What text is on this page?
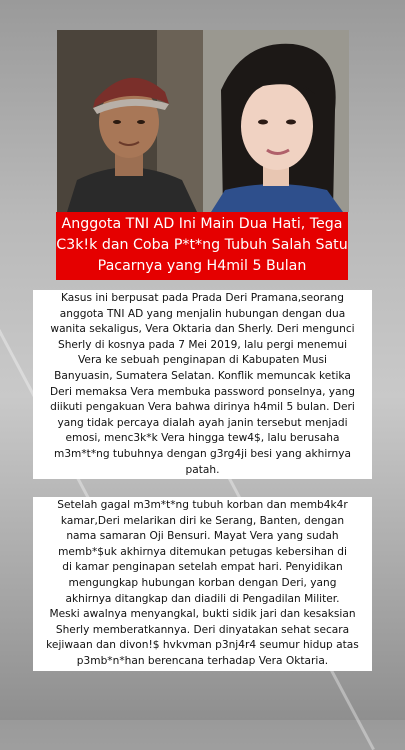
Anggota TNI AD Ini Main Dua Hati, Tega
C3k!k dan Coba P*t*ng Tubuh Salah Satu
Pacarnya yang H4mil 5 Bulan
Kasus ini berpusat pada Prada Deri Pramana,seorang
anggota TNI AD yang menjalin hubungan dengan dua
wanita sekaligus, Vera Oktaria dan Sherly. Deri mengunci
Sherly di kosnya pada 7 Mei 2019, lalu pergi menemui
Vera ke sebuah penginapan di Kabupaten Musi
Banyuasin, Sumatera Selatan. Konflik memuncak ketika
Deri memaksa Vera membuka password ponselnya, yang
diikuti pengakuan Vera bahwa dirinya h4mil 5 bulan. Deri
yang tidak percaya dialah ayah janin tersebut menjadi
emosi, menc3k*k Vera hingga tew4$, lalu berusaha
m3m*t*ng tubuhnya dengan g3rg4ji besi yang akhirnya
patah.
Setelah gagal m3m*t*ng tubuh korban dan memb4k4r
kamar,Deri melarikan diri ke Serang, Banten, dengan
nama samaran Oji Bensuri. Mayat Vera yang sudah
memb*$uk akhirnya ditemukan petugas kebersihan di
di kamar penginapan setelah empat hari. Penyidikan
mengungkap hubungan korban dengan Deri, yang
akhirnya ditangkap dan diadili di Pengadilan Militer.
Meski awalnya menyangkal, bukti sidik jari dan kesaksian
Sherly memberatkannya. Deri dinyatakan sehat secara
kejiwaan dan divon!$ hvkvman p3nj4r4 seumur hidup atas
p3mb*n*han berencana terhadap Vera Oktaria.
